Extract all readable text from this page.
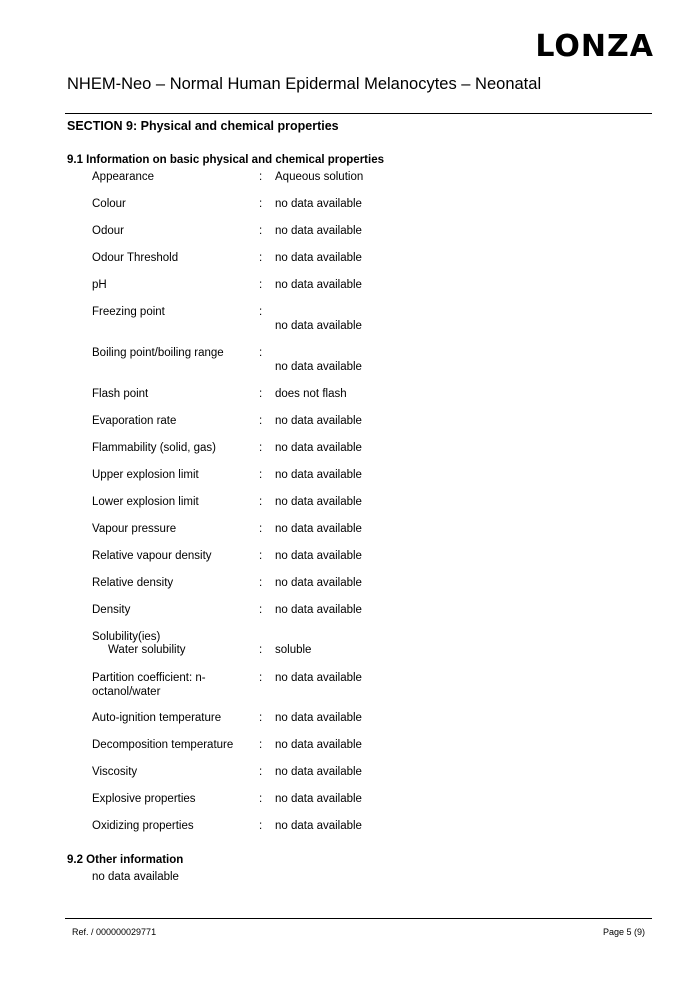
LONZA
NHEM-Neo – Normal Human Epidermal Melanocytes – Neonatal
SECTION 9: Physical and chemical properties
9.1 Information on basic physical and chemical properties
Appearance	: Aqueous solution
Colour	: no data available
Odour	: no data available
Odour Threshold	: no data available
pH	: no data available
Freezing point	:
no data available
Boiling point/boiling range	:
no data available
Flash point	: does not flash
Evaporation rate	: no data available
Flammability (solid, gas)	: no data available
Upper explosion limit	: no data available
Lower explosion limit	: no data available
Vapour pressure	: no data available
Relative vapour density	: no data available
Relative density	: no data available
Density	: no data available
Solubility(ies)
Water solubility	: soluble
Partition coefficient: n-octanol/water
: no data available
Auto-ignition temperature	: no data available
Decomposition temperature	: no data available
Viscosity	: no data available
Explosive properties	: no data available
Oxidizing properties	: no data available
9.2 Other information
no data available
Ref. / 000000029771	Page 5 (9)
